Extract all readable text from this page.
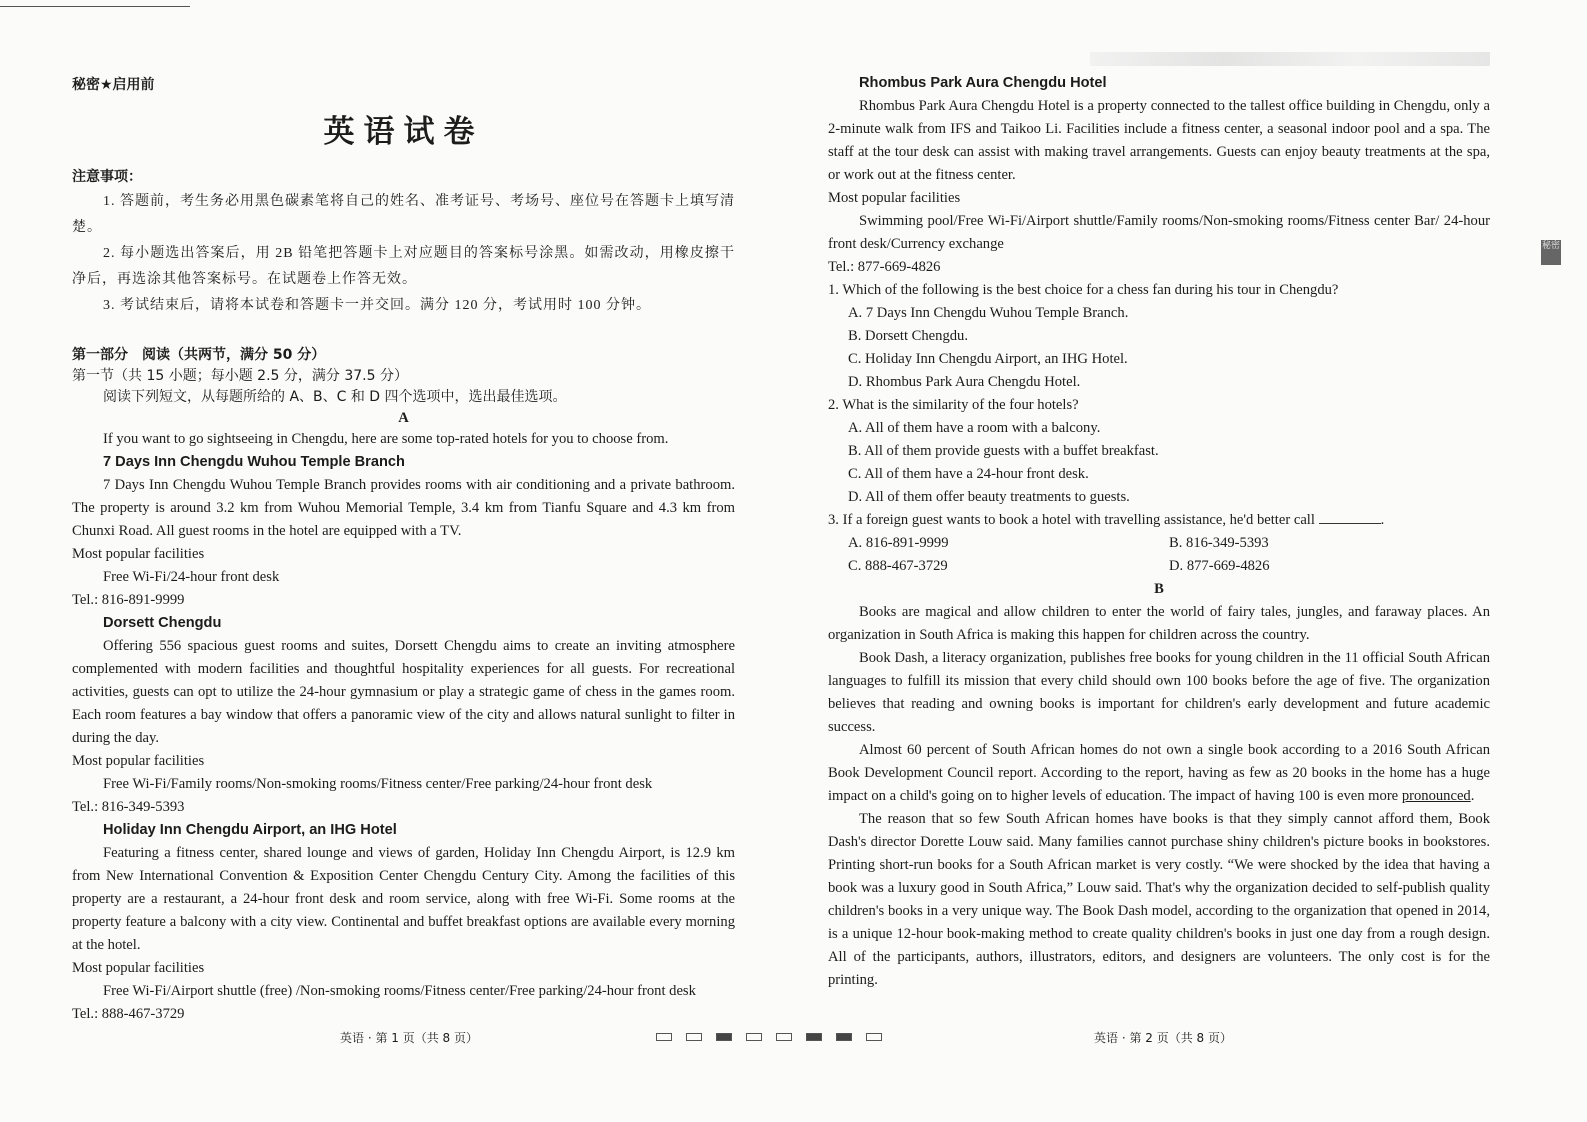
秘密★启用前

英语试卷

注意事项：

1. 答题前，考生务必用黑色碳素笔将自己的姓名、准考证号、考场号、座位号在答题卡上填写清楚。

2. 每小题选出答案后，用 2B 铅笔把答题卡上对应题目的答案标号涂黑。如需改动，用橡皮擦干净后，再选涂其他答案标号。在试题卷上作答无效。

3. 考试结束后，请将本试卷和答题卡一并交回。满分 120 分，考试用时 100 分钟。

第一部分　阅读（共两节，满分 50 分）

第一节（共 15 小题；每小题 2.5 分，满分 37.5 分）

阅读下列短文，从每题所给的 A、B、C 和 D 四个选项中，选出最佳选项。

A

If you want to go sightseeing in Chengdu, here are some top-rated hotels for you to choose from.

7 Days Inn Chengdu Wuhou Temple Branch

7 Days Inn Chengdu Wuhou Temple Branch provides rooms with air conditioning and a private bathroom. The property is around 3.2 km from Wuhou Memorial Temple, 3.4 km from Tianfu Square and 4.3 km from Chunxi Road. All guest rooms in the hotel are equipped with a TV.

Most popular facilities

Free Wi-Fi/24-hour front desk

Tel.: 816-891-9999

Dorsett Chengdu

Offering 556 spacious guest rooms and suites, Dorsett Chengdu aims to create an inviting atmosphere complemented with modern facilities and thoughtful hospitality experiences for all guests. For recreational activities, guests can opt to utilize the 24-hour gymnasium or play a strategic game of chess in the games room. Each room features a bay window that offers a panoramic view of the city and allows natural sunlight to filter in during the day.

Most popular facilities

Free Wi-Fi/Family rooms/Non-smoking rooms/Fitness center/Free parking/24-hour front desk

Tel.: 816-349-5393

Holiday Inn Chengdu Airport, an IHG Hotel

Featuring a fitness center, shared lounge and views of garden, Holiday Inn Chengdu Airport, is 12.9 km from New International Convention & Exposition Center Chengdu Century City. Among the facilities of this property are a restaurant, a 24-hour front desk and room service, along with free Wi-Fi. Some rooms at the property feature a balcony with a city view. Continental and buffet breakfast options are available every morning at the hotel.

Most popular facilities

Free Wi-Fi/Airport shuttle (free) /Non-smoking rooms/Fitness center/Free parking/24-hour front desk

Tel.: 888-467-3729

英语 · 第 1 页（共 8 页）

Rhombus Park Aura Chengdu Hotel

Rhombus Park Aura Chengdu Hotel is a property connected to the tallest office building in Chengdu, only a 2-minute walk from IFS and Taikoo Li. Facilities include a fitness center, a seasonal indoor pool and a spa. The staff at the tour desk can assist with making travel arrangements. Guests can enjoy beauty treatments at the spa, or work out at the fitness center.

Most popular facilities

Swimming pool/Free Wi-Fi/Airport shuttle/Family rooms/Non-smoking rooms/Fitness center Bar/ 24-hour front desk/Currency exchange

Tel.: 877-669-4826

1. Which of the following is the best choice for a chess fan during his tour in Chengdu?

A. 7 Days Inn Chengdu Wuhou Temple Branch.

B. Dorsett Chengdu.

C. Holiday Inn Chengdu Airport, an IHG Hotel.

D. Rhombus Park Aura Chengdu Hotel.

2. What is the similarity of the four hotels?

A. All of them have a room with a balcony.

B. All of them provide guests with a buffet breakfast.

C. All of them have a 24-hour front desk.

D. All of them offer beauty treatments to guests.

3. If a foreign guest wants to book a hotel with travelling assistance, he'd better call	.

A. 816-891-9999	B. 816-349-5393
C. 888-467-3729	D. 877-669-4826

B

Books are magical and allow children to enter the world of fairy tales, jungles, and faraway places. An organization in South Africa is making this happen for children across the country.

Book Dash, a literacy organization, publishes free books for young children in the 11 official South African languages to fulfill its mission that every child should own 100 books before the age of five. The organization believes that reading and owning books is important for children's early development and future academic success.

Almost 60 percent of South African homes do not own a single book according to a 2016 South African Book Development Council report. According to the report, having as few as 20 books in the home has a huge impact on a child's going on to higher levels of education. The impact of having 100 is even more pronounced.

The reason that so few South African homes have books is that they simply cannot afford them, Book Dash's director Dorette Louw said. Many families cannot purchase shiny children's picture books in bookstores. Printing short-run books for a South African market is very costly. “We were shocked by the idea that having a book was a luxury good in South Africa,” Louw said. That's why the organization decided to self-publish quality children's books in a very unique way. The Book Dash model, according to the organization that opened in 2014, is a unique 12-hour book-making method to create quality children's books in just one day from a rough design. All of the participants, authors, illustrators, editors, and designers are volunteers. The only cost is for the printing.

英语 · 第 2 页（共 8 页）
秘密
